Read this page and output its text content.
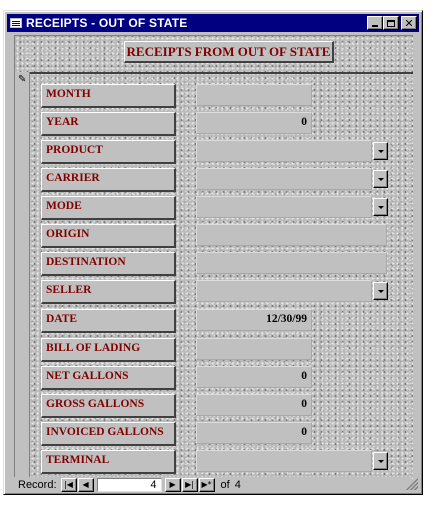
RECEIPTS - OUT OF STATE	✕
RECEIPTS FROM OUT OF STATE
✎
MONTH
YEAR	0
PRODUCT
CARRIER
MODE
ORIGIN
DESTINATION
SELLER
DATE	12/30/99
BILL OF LADING
NET GALLONS	0
GROSS GALLONS	0
INVOICED GALLONS	0
TERMINAL
Record: |◀ ◀	4	▶ ▶| ▶* of 4
